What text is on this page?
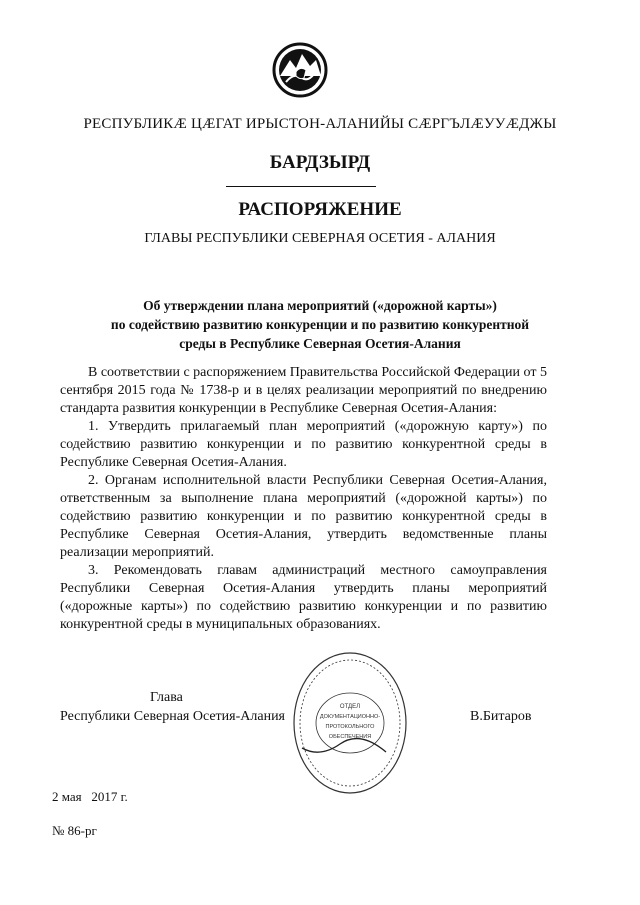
РЕСПУБЛИКӔ ЦӔГАТ ИРЫСТОН-АЛАНИЙЫ СӔРГЪЛӔУУӔДЖЫ
БАРДЗЫРД
РАСПОРЯЖЕНИЕ
ГЛАВЫ РЕСПУБЛИКИ СЕВЕРНАЯ ОСЕТИЯ - АЛАНИЯ
Об утверждении плана мероприятий («дорожной карты»)
по содействию развитию конкуренции и по развитию конкурентной
среды в Республике Северная Осетия-Алания

В соответствии с распоряжением Правительства Российской Федерации от 5 сентября 2015 года № 1738-р и в целях реализации мероприятий по внедрению стандарта развития конкуренции в Республике Северная Осетия-Алания:

1. Утвердить прилагаемый план мероприятий («дорожную карту») по содействию развитию конкуренции и по развитию конкурентной среды в Республике Северная Осетия-Алания.

2. Органам исполнительной власти Республики Северная Осетия-Алания, ответственным за выполнение плана мероприятий («дорожной карты») по содействию развитию конкуренции и по развитию конкурентной среды в Республике Северная Осетия-Алания, утвердить ведомственные планы реализации мероприятий.

3. Рекомендовать главам администраций местного самоуправления Республики Северная Осетия-Алания утвердить планы мероприятий («дорожные карты») по содействию развитию конкуренции и по развитию конкурентной среды в муниципальных образованиях.

Глава
Республики Северная Осетия-Алания
ОТДЕЛ
ДОКУМЕНТАЦИОННО-
ПРОТОКОЛЬНОГО
ОБЕСПЕЧЕНИЯ
В.Битаров
2 мая 2017 г.
№ 86-рг
